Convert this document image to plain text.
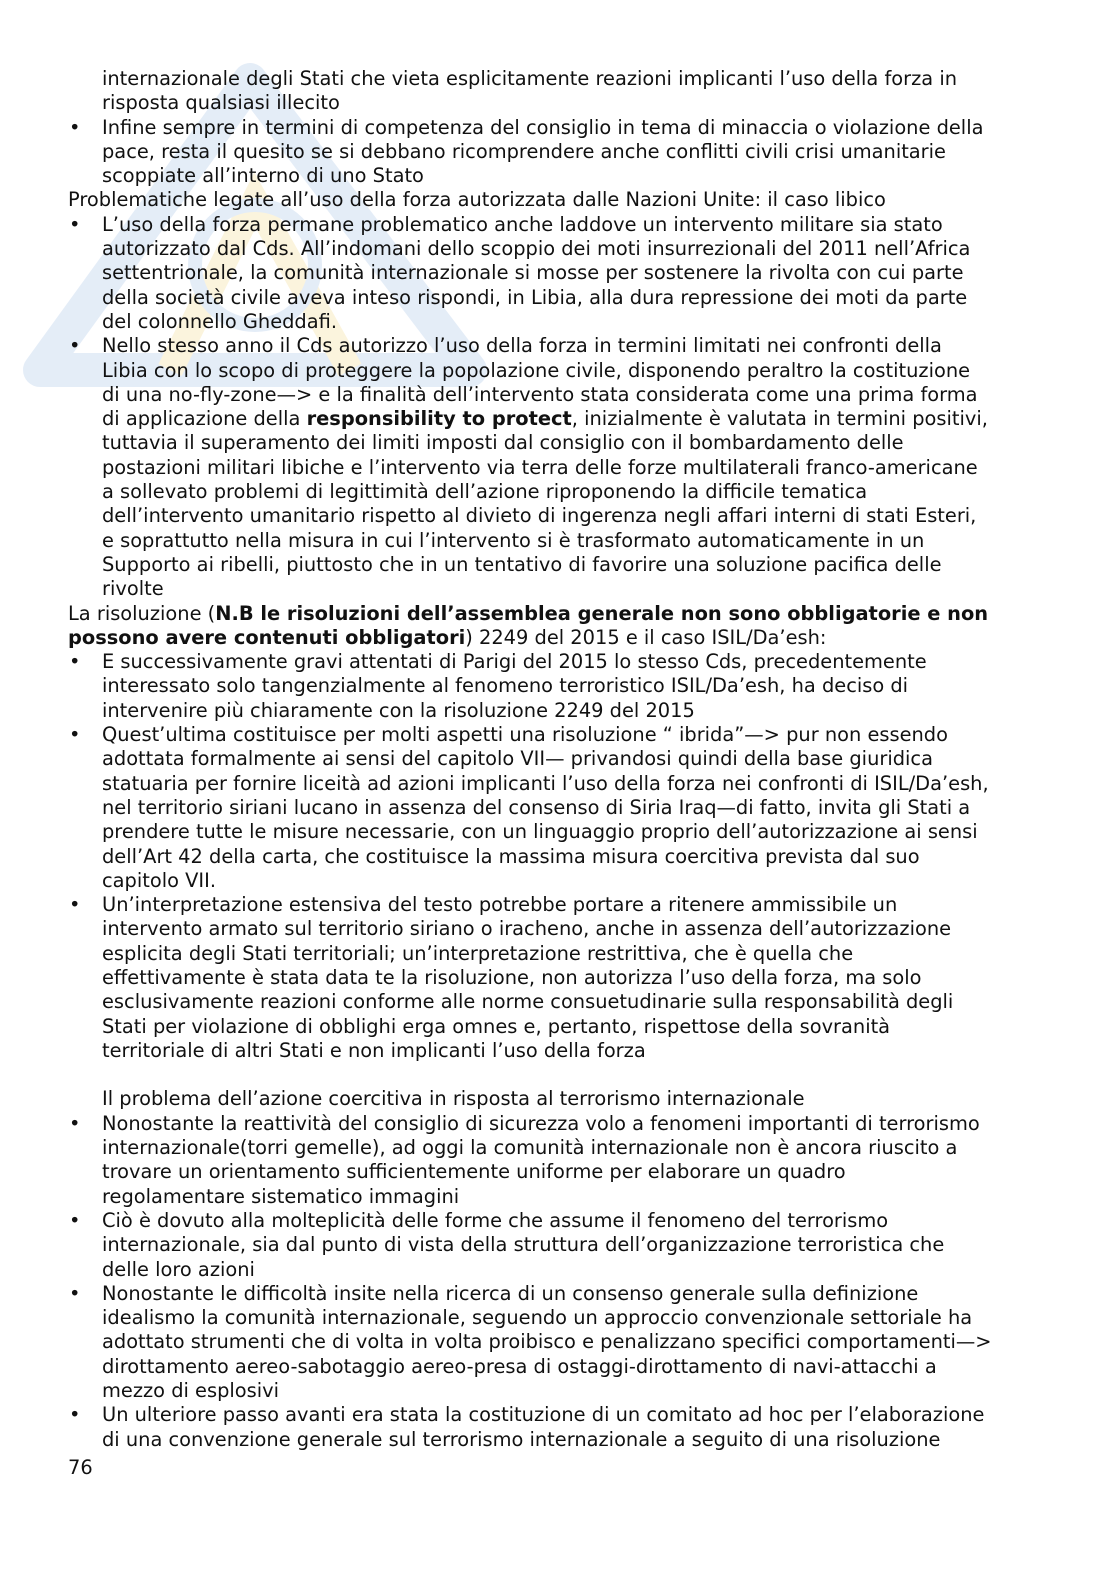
internazionale degli Stati che vieta esplicitamente reazioni implicanti l’uso della forza in
risposta qualsiasi illecito
• Infine sempre in termini di competenza del consiglio in tema di minaccia o violazione della
pace, resta il quesito se si debbano ricomprendere anche conflitti civili crisi umanitarie
scoppiate all’interno di uno Stato
Problematiche legate all’uso della forza autorizzata dalle Nazioni Unite: il caso libico
• L’uso della forza permane problematico anche laddove un intervento militare sia stato
autorizzato dal Cds. All’indomani dello scoppio dei moti insurrezionali del 2011 nell’Africa
settentrionale, la comunità internazionale si mosse per sostenere la rivolta con cui parte
della società civile aveva inteso rispondi, in Libia, alla dura repressione dei moti da parte
del colonnello Gheddafi.
• Nello stesso anno il Cds autorizzo l’uso della forza in termini limitati nei confronti della
Libia con lo scopo di proteggere la popolazione civile, disponendo peraltro la costituzione
di una no-fly-zone—> e la finalità dell’intervento stata considerata come una prima forma
di applicazione della responsibility to protect, inizialmente è valutata in termini positivi,
tuttavia il superamento dei limiti imposti dal consiglio con il bombardamento delle
postazioni militari libiche e l’intervento via terra delle forze multilaterali franco-americane
a sollevato problemi di legittimità dell’azione riproponendo la difficile tematica
dell’intervento umanitario rispetto al divieto di ingerenza negli affari interni di stati Esteri,
e soprattutto nella misura in cui l’intervento si è trasformato automaticamente in un
Supporto ai ribelli, piuttosto che in un tentativo di favorire una soluzione pacifica delle
rivolte
La risoluzione (N.B le risoluzioni dell’assemblea generale non sono obbligatorie e non
possono avere contenuti obbligatori) 2249 del 2015 e il caso ISIL/Da’esh:
• E successivamente gravi attentati di Parigi del 2015 lo stesso Cds, precedentemente
interessato solo tangenzialmente al fenomeno terroristico ISIL/Da’esh, ha deciso di
intervenire più chiaramente con la risoluzione 2249 del 2015
• Quest’ultima costituisce per molti aspetti una risoluzione “ ibrida”—> pur non essendo
adottata formalmente ai sensi del capitolo VII— privandosi quindi della base giuridica
statuaria per fornire liceità ad azioni implicanti l’uso della forza nei confronti di ISIL/Da’esh,
nel territorio siriani lucano in assenza del consenso di Siria Iraq—di fatto, invita gli Stati a
prendere tutte le misure necessarie, con un linguaggio proprio dell’autorizzazione ai sensi
dell’Art 42 della carta, che costituisce la massima misura coercitiva prevista dal suo
capitolo VII.
• Un’interpretazione estensiva del testo potrebbe portare a ritenere ammissibile un
intervento armato sul territorio siriano o iracheno, anche in assenza dell’autorizzazione
esplicita degli Stati territoriali; un’interpretazione restrittiva, che è quella che
effettivamente è stata data te la risoluzione, non autorizza l’uso della forza, ma solo
esclusivamente reazioni conforme alle norme consuetudinarie sulla responsabilità degli
Stati per violazione di obblighi erga omnes e, pertanto, rispettose della sovranità
territoriale di altri Stati e non implicanti l’uso della forza
Il problema dell’azione coercitiva in risposta al terrorismo internazionale
• Nonostante la reattività del consiglio di sicurezza volo a fenomeni importanti di terrorismo
internazionale(torri gemelle), ad oggi la comunità internazionale non è ancora riuscito a
trovare un orientamento sufficientemente uniforme per elaborare un quadro
regolamentare sistematico immagini
• Ciò è dovuto alla molteplicità delle forme che assume il fenomeno del terrorismo
internazionale, sia dal punto di vista della struttura dell’organizzazione terroristica che
delle loro azioni
• Nonostante le difficoltà insite nella ricerca di un consenso generale sulla definizione
idealismo la comunità internazionale, seguendo un approccio convenzionale settoriale ha
adottato strumenti che di volta in volta proibisco e penalizzano specifici comportamenti—>
dirottamento aereo-sabotaggio aereo-presa di ostaggi-dirottamento di navi-attacchi a
mezzo di esplosivi
• Un ulteriore passo avanti era stata la costituzione di un comitato ad hoc per l’elaborazione
di una convenzione generale sul terrorismo internazionale a seguito di una risoluzione
76
